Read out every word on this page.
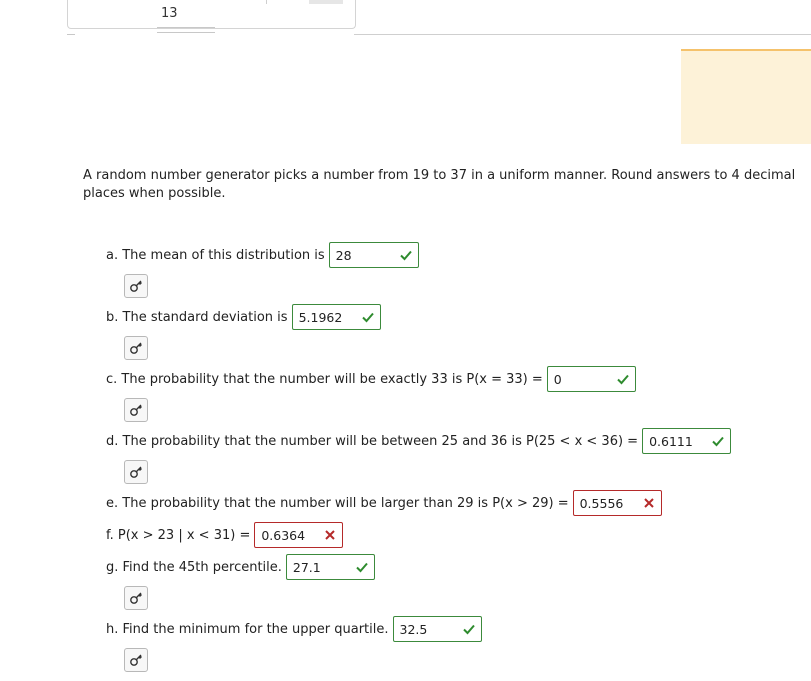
13
A random number generator picks a number from 19 to 37 in a uniform manner. Round answers to 4 decimal places when possible.
a. The mean of this distribution is 28
b. The standard deviation is 5.1962
c. The probability that the number will be exactly 33 is P(x = 33) = 0
d. The probability that the number will be between 25 and 36 is P(25 < x < 36) = 0.6111
e. The probability that the number will be larger than 29 is P(x > 29) = 0.5556
f. P(x > 23 | x < 31) = 0.6364
g. Find the 45th percentile. 27.1
h. Find the minimum for the upper quartile. 32.5
